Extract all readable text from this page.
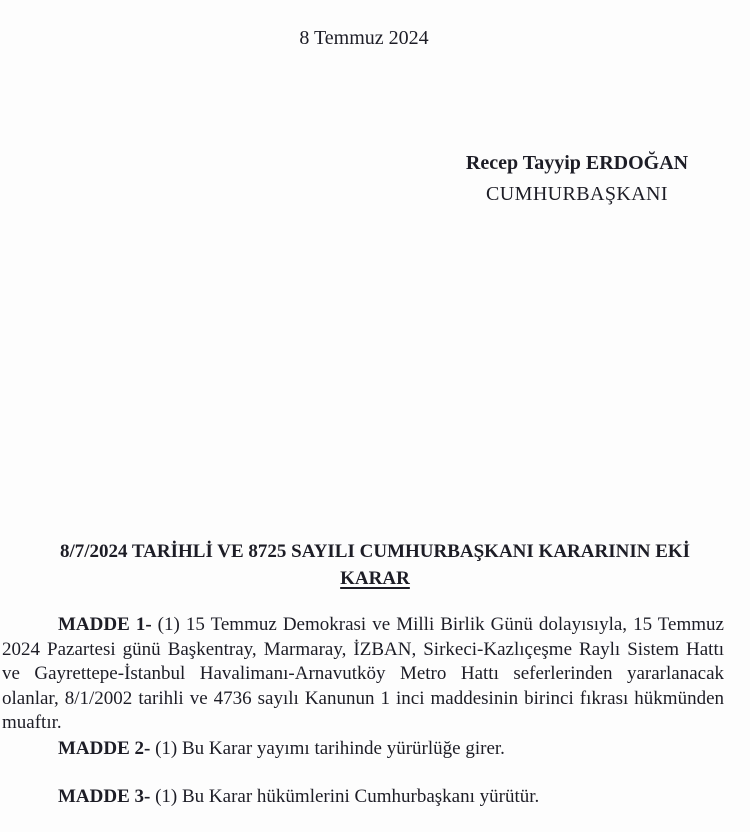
8 Temmuz 2024
Recep Tayyip ERDOĞAN
CUMHURBAŞKANI
8/7/2024 TARİHLİ VE 8725 SAYILI CUMHURBAŞKANI KARARININ EKİ
KARAR

MADDE 1- (1) 15 Temmuz Demokrasi ve Milli Birlik Günü dolayısıyla, 15 Temmuz 2024 Pazartesi günü Başkentray, Marmaray, İZBAN, Sirkeci-Kazlıçeşme Raylı Sistem Hattı ve Gayrettepe-İstanbul Havalimanı-Arnavutköy Metro Hattı seferlerinden yararlanacak olanlar, 8/1/2002 tarihli ve 4736 sayılı Kanunun 1 inci maddesinin birinci fıkrası hükmünden muaftır.

MADDE 2- (1) Bu Karar yayımı tarihinde yürürlüğe girer.

MADDE 3- (1) Bu Karar hükümlerini Cumhurbaşkanı yürütür.
